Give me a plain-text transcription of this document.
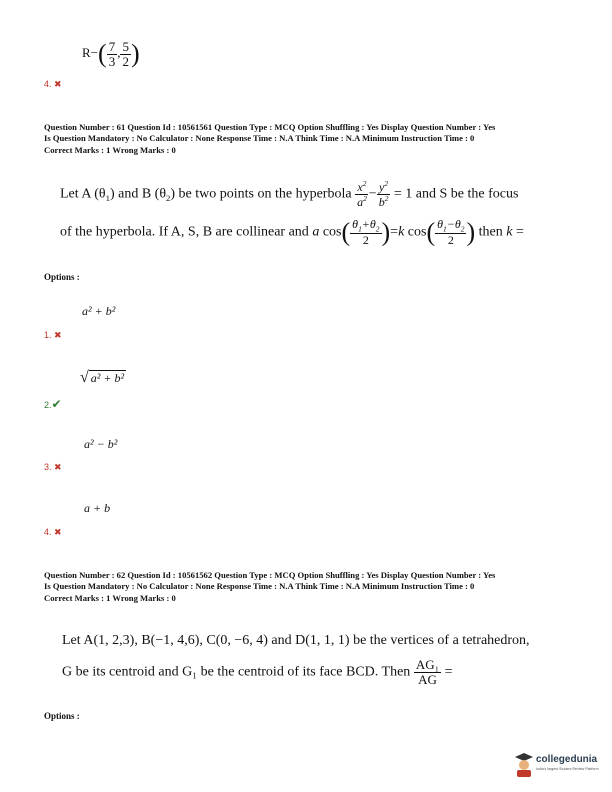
$R-( \frac{7}{3}$ , $\frac{5}{2}$ )
4. ✖
Question Number : 61 Question Id : 10561561 Question Type : MCQ Option Shuffling : Yes Display Question Number : Yes
Is Question Mandatory : No Calculator : None Response Time : N.A Think Time : N.A Minimum Instruction Time : 0
Correct Marks : 1 Wrong Marks : 0
Let A $(\theta_1)$ and B $(\theta_2)$ be two points on the hyperbola $\frac{x^2}{a^2} - \frac{y^2}{b^2} = 1$ and S be the focus
of the hyperbola. If A, S, B are collinear and a $\cos( \frac{\theta_1+\theta_2}{2} )=k$ $\cos( \frac{\theta_1-\theta_2}{2}$ ) then k =
Options :
a² + b²
1. ✖
√ a² + b²
2.✔
a² − b²
3. ✖
a + b
4. ✖
Question Number : 62 Question Id : 10561562 Question Type : MCQ Option Shuffling : Yes Display Question Number : Yes
Is Question Mandatory : No Calculator : None Response Time : N.A Think Time : N.A Minimum Instruction Time : 0
Correct Marks : 1 Wrong Marks : 0
Let A(1, 2,3), B(−1, 4,6), C(0, −6, 4) and D(1, 1, 1) be the vertices of a tetrahedron,
G be its centroid and G₁ be the centroid of its face BCD. Then $\frac{\text{AG₁}}{AG}$ =
Options :
collegedunia
India's largest Student Review Platform
